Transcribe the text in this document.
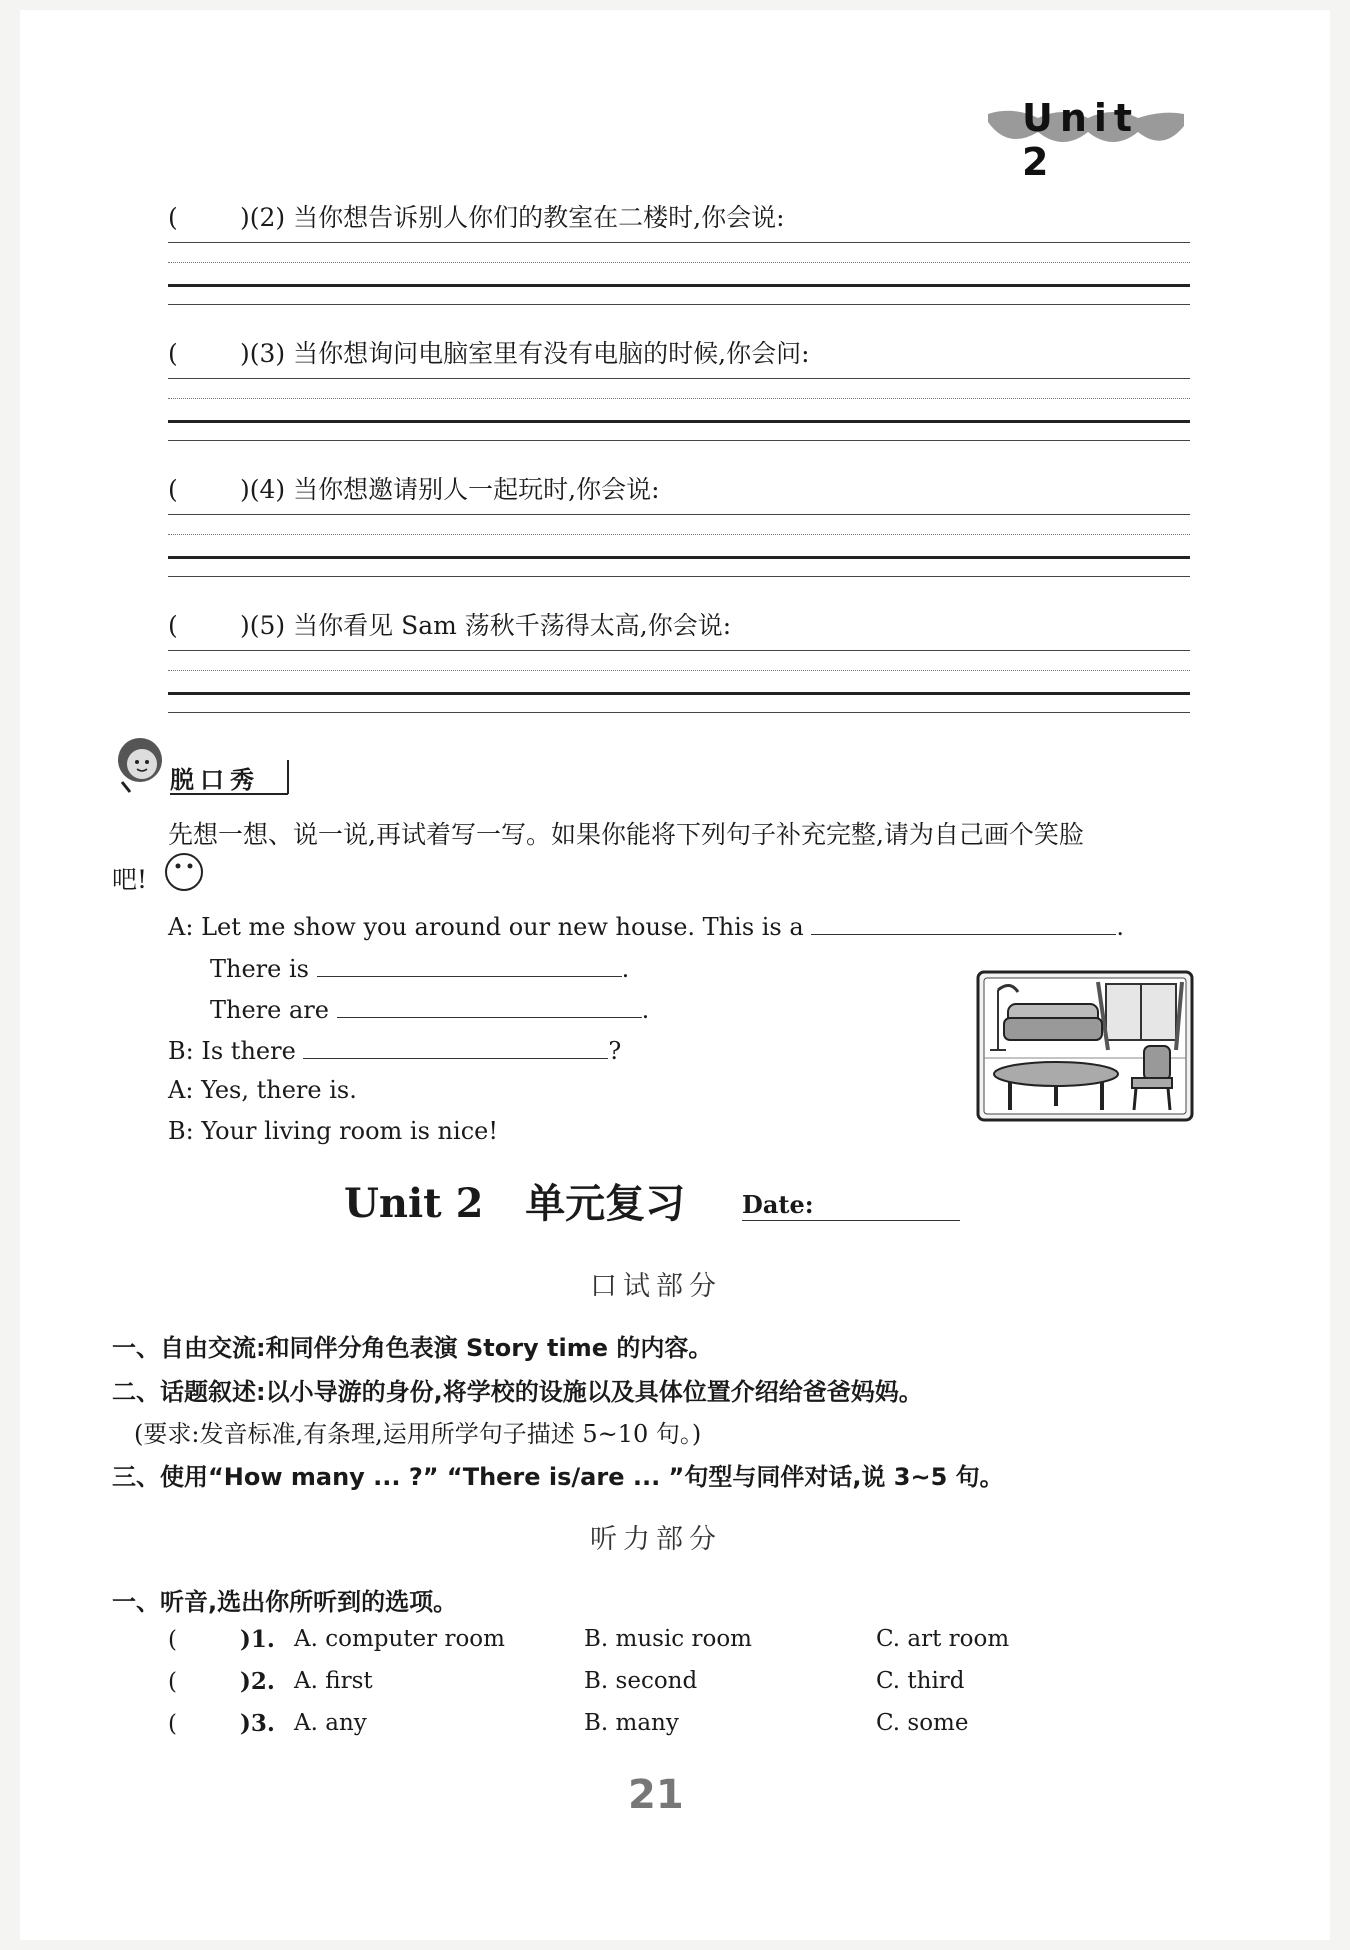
Unit 2
( )(2) 当你想告诉别人你们的教室在二楼时,你会说:
( )(3) 当你想询问电脑室里有没有电脑的时候,你会问:
( )(4) 当你想邀请别人一起玩时,你会说:
( )(5) 当你看见 Sam 荡秋千荡得太高,你会说:
脱口秀
先想一想、说一说,再试着写一写。如果你能将下列句子补充完整,请为自己画个笑脸
吧!
A: Let me show you around our new house. This is a	.
There is	.
There are	.
B: Is there	?
A: Yes, there is.
B: Your living room is nice!
Unit 2 单元复习 Date:
口试部分
一、自由交流:和同伴分角色表演 Story time 的内容。
二、话题叙述:以小导游的身份,将学校的设施以及具体位置介绍给爸爸妈妈。
(要求:发音标准,有条理,运用所学句子描述 5~10 句。)
三、使用“How many ... ?” “There is/are ... ”句型与同伴对话,说 3~5 句。
听力部分
一、听音,选出你所听到的选项。
(	)1. A. computer room	B. music room	C. art room
(	)2. A. first	B. second	C. third
(	)3. A. any	B. many	C. some
21
